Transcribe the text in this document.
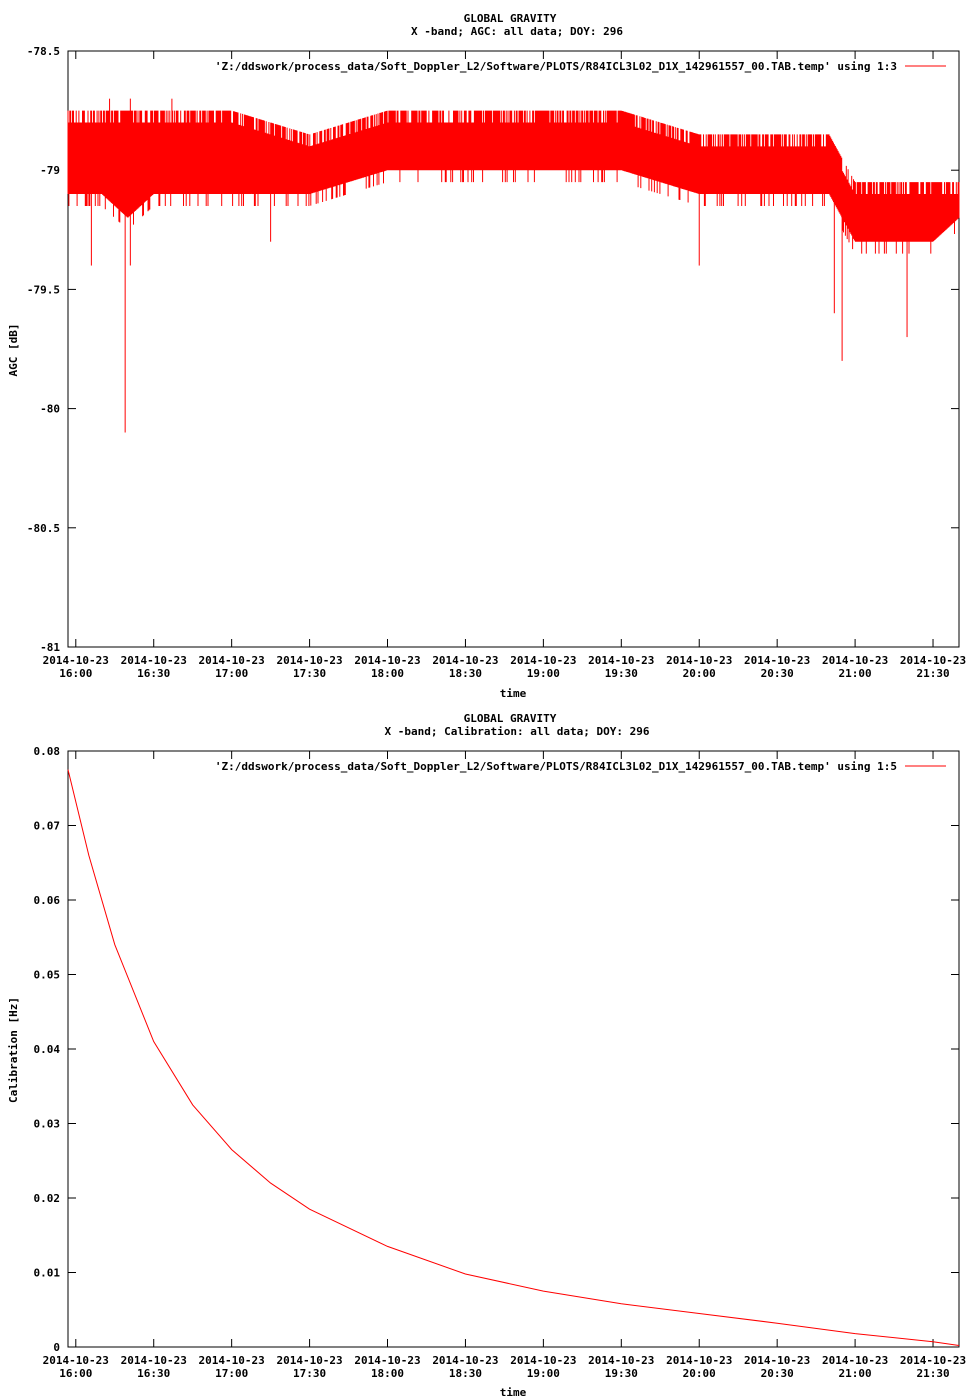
GLOBAL GRAVITY
X -band; AGC: all data; DOY: 296
-78.5
-79
-79.5
-80
-80.5
-81
2014-10-23
16:00
2014-10-23
16:30
2014-10-23
17:00
2014-10-23
17:30
2014-10-23
18:00
2014-10-23
18:30
2014-10-23
19:00
2014-10-23
19:30
2014-10-23
20:00
2014-10-23
20:30
2014-10-23
21:00
2014-10-23
21:30
'Z:/ddswork/process_data/Soft_Doppler_L2/Software/PLOTS/R84ICL3L02_D1X_142961557_00.TAB.temp' using 1:3
time
AGC [dB]
GLOBAL GRAVITY
X -band; Calibration: all data; DOY: 296
0
0.01
0.02
0.03
0.04
0.05
0.06
0.07
0.08
2014-10-23
16:00
2014-10-23
16:30
2014-10-23
17:00
2014-10-23
17:30
2014-10-23
18:00
2014-10-23
18:30
2014-10-23
19:00
2014-10-23
19:30
2014-10-23
20:00
2014-10-23
20:30
2014-10-23
21:00
2014-10-23
21:30
'Z:/ddswork/process_data/Soft_Doppler_L2/Software/PLOTS/R84ICL3L02_D1X_142961557_00.TAB.temp' using 1:5
time
Calibration [Hz]
